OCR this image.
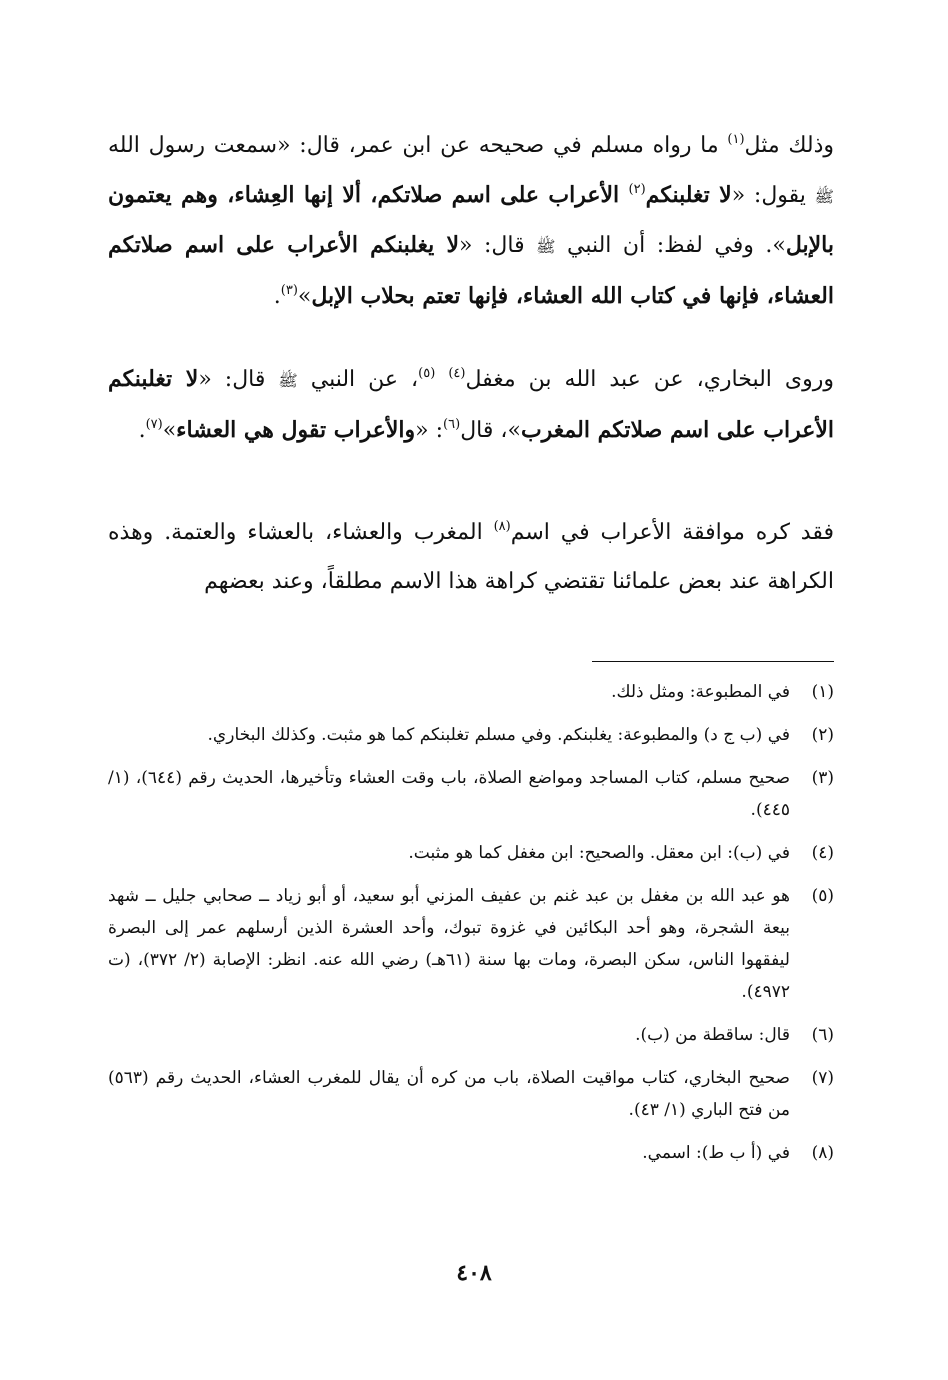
وذلك مثل$^{(١)}$ ما رواه مسلم في صحيحه عن ابن عمر، قال: «سمعت رسول الله ﷺ يقول: «لا تغلبنكم$^{(٢)}$ الأعراب على اسم صلاتكم، ألا إنها العِشاء، وهم يعتمون بالإبل». وفي لفظ: أن النبي ﷺ قال: «لا يغلبنكم الأعراب على اسم صلاتكم العشاء، فإنها في كتاب الله العشاء، فإنها تعتم بحلاب الإبل»$^{(٣)}$.

وروى البخاري، عن عبد الله بن مغفل$^{(٤)}$ $^{(٥)}$، عن النبي ﷺ قال: «لا تغلبنكم الأعراب على اسم صلاتكم المغرب»، قال$^{(٦)}$: «والأعراب تقول هي العشاء»$^{(٧)}$.

فقد كره موافقة الأعراب في اسم$^{(٨)}$ المغرب والعشاء، بالعشاء والعتمة. وهذه الكراهة عند بعض علمائنا تقتضي كراهة هذا الاسم مطلقاً، وعند بعضهم

(١)
في المطبوعة: ومثل ذلك.
(٢)
في (ب ج د) والمطبوعة: يغلبنكم. وفي مسلم تغلبنكم كما هو مثبت. وكذلك البخاري.
(٣)
صحيح مسلم، كتاب المساجد ومواضع الصلاة، باب وقت العشاء وتأخيرها، الحديث رقم (٦٤٤)، (١/ ٤٤٥).
(٤)
في (ب): ابن معقل. والصحيح: ابن مغفل كما هو مثبت.
(٥)
هو عبد الله بن مغفل بن عبد غنم بن عفيف المزني أبو سعيد، أو أبو زياد ــ صحابي جليل ــ شهد بيعة الشجرة، وهو أحد البكائين في غزوة تبوك، وأحد العشرة الذين أرسلهم عمر إلى البصرة ليفقهوا الناس، سكن البصرة، ومات بها سنة (٦١هـ) رضي الله عنه. انظر: الإصابة (٢/ ٣٧٢)، (ت ٤٩٧٢).
(٦)
قال: ساقطة من (ب).
(٧)
صحيح البخاري، كتاب مواقيت الصلاة، باب من كره أن يقال للمغرب العشاء، الحديث رقم (٥٦٣) من فتح الباري (١/ ٤٣).
(٨)
في (أ ب ط): اسمي.
٤٠٨
